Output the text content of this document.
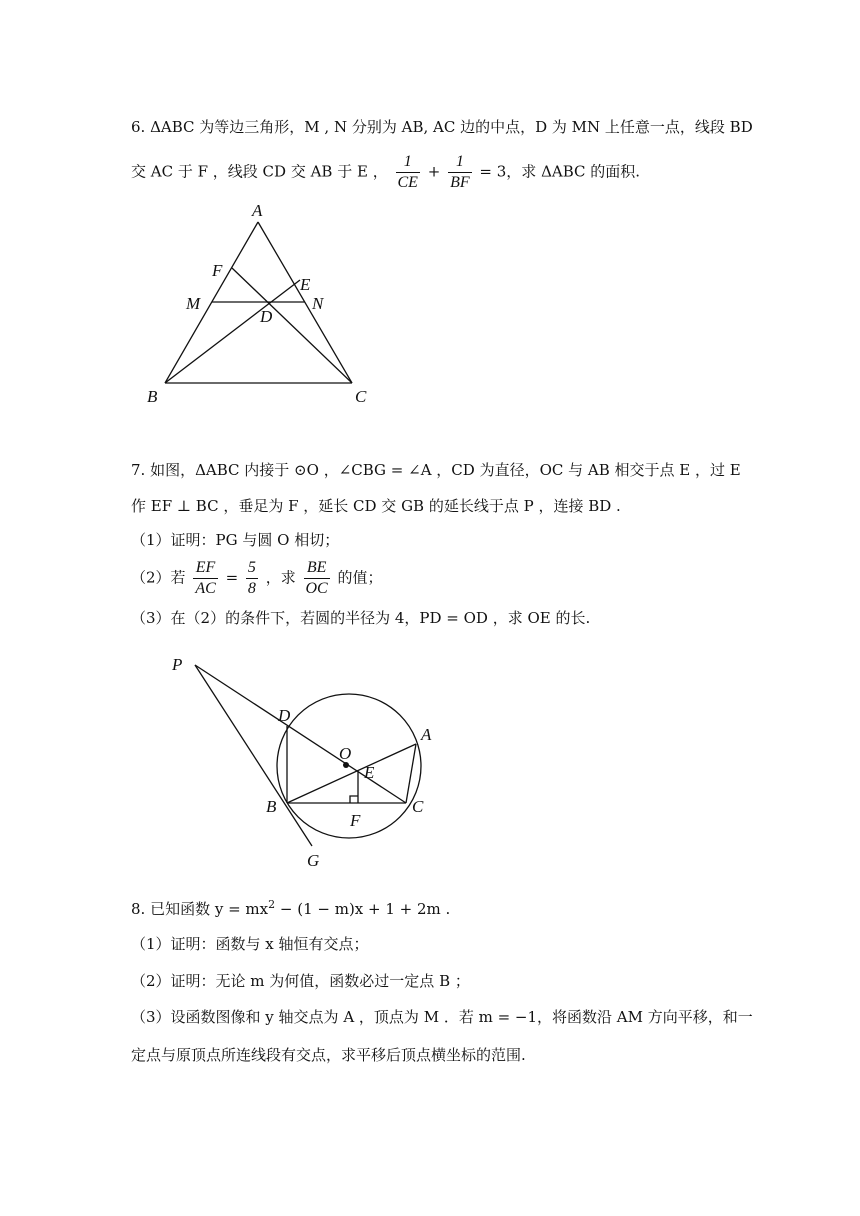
6. ΔABC 为等边三角形，M , N 分别为 AB, AC 边的中点，D 为 MN 上任意一点，线段 BD
交 AC 于 F ，线段 CD 交 AB 于 E ， $\frac{1}{CE} + \frac{1}{BF} = 3$，求 ΔABC 的面积.
A
F
E
M	N
D
B	C
7. 如图，ΔABC 内接于 ⊙O ，∠CBG = ∠A ，CD 为直径，OC 与 AB 相交于点 E ，过 E
作 EF ⊥ BC ，垂足为 F ，延长 CD 交 GB 的延长线于点 P ，连接 BD .
（1）证明：PG 与圆 O 相切；
（2）若 $\frac{EF}{AC} = \frac{5}{8}$ ，求 $\frac{BE}{OC}$ 的值；
（3）在（2）的条件下，若圆的半径为 4，PD = OD ，求 OE 的长.
P
D
A
O
E
B	C
F
G
8. 已知函数 $y = mx^2 - (1 - m)x + 1 + 2m$ .
（1）证明：函数与 x 轴恒有交点；
（2）证明：无论 m 为何值，函数必过一定点 B ；
（3）设函数图像和 y 轴交点为 A ，顶点为 M ．若 m = −1，将函数沿 AM 方向平移，和一
定点与原顶点所连线段有交点，求平移后顶点横坐标的范围.
